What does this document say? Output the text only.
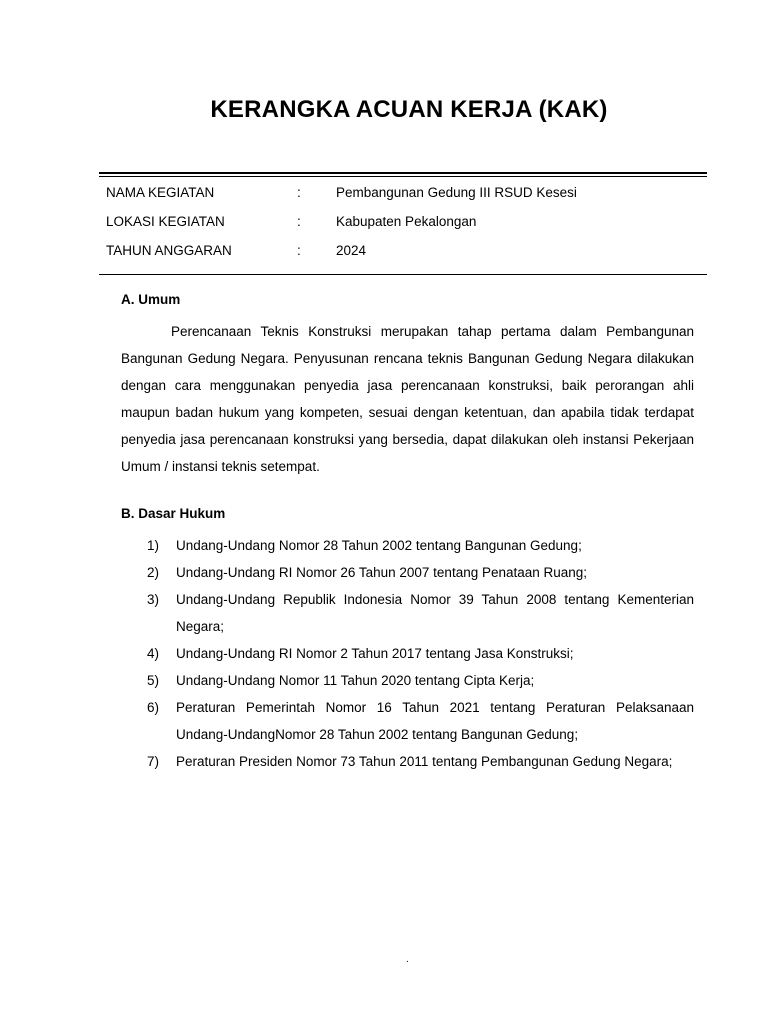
KERANGKA ACUAN KERJA (KAK)
NAMA KEGIATAN	:	Pembangunan Gedung III RSUD Kesesi
LOKASI KEGIATAN	:	Kabupaten Pekalongan
TAHUN ANGGARAN	:	2024
A. Umum

Perencanaan Teknis Konstruksi merupakan tahap pertama dalam Pembangunan Bangunan Gedung Negara. Penyusunan rencana teknis Bangunan Gedung Negara dilakukan dengan cara menggunakan penyedia jasa perencanaan konstruksi, baik perorangan ahli maupun badan hukum yang kompeten, sesuai dengan ketentuan, dan apabila tidak terdapat penyedia jasa perencanaan konstruksi yang bersedia, dapat dilakukan oleh instansi Pekerjaan Umum / instansi teknis setempat.

B. Dasar Hukum
1) Undang-Undang Nomor 28 Tahun 2002 tentang Bangunan Gedung;
2) Undang-Undang RI Nomor 26 Tahun 2007 tentang Penataan Ruang;
3) Undang-Undang Republik Indonesia Nomor 39 Tahun 2008 tentang Kementerian Negara;
4) Undang-Undang RI Nomor 2 Tahun 2017 tentang Jasa Konstruksi;
5) Undang-Undang Nomor 11 Tahun 2020 tentang Cipta Kerja;
6) Peraturan Pemerintah Nomor 16 Tahun 2021 tentang Peraturan Pelaksanaan Undang-UndangNomor 28 Tahun 2002 tentang Bangunan Gedung;
7) Peraturan Presiden Nomor 73 Tahun 2011 tentang Pembangunan Gedung Negara;
.
